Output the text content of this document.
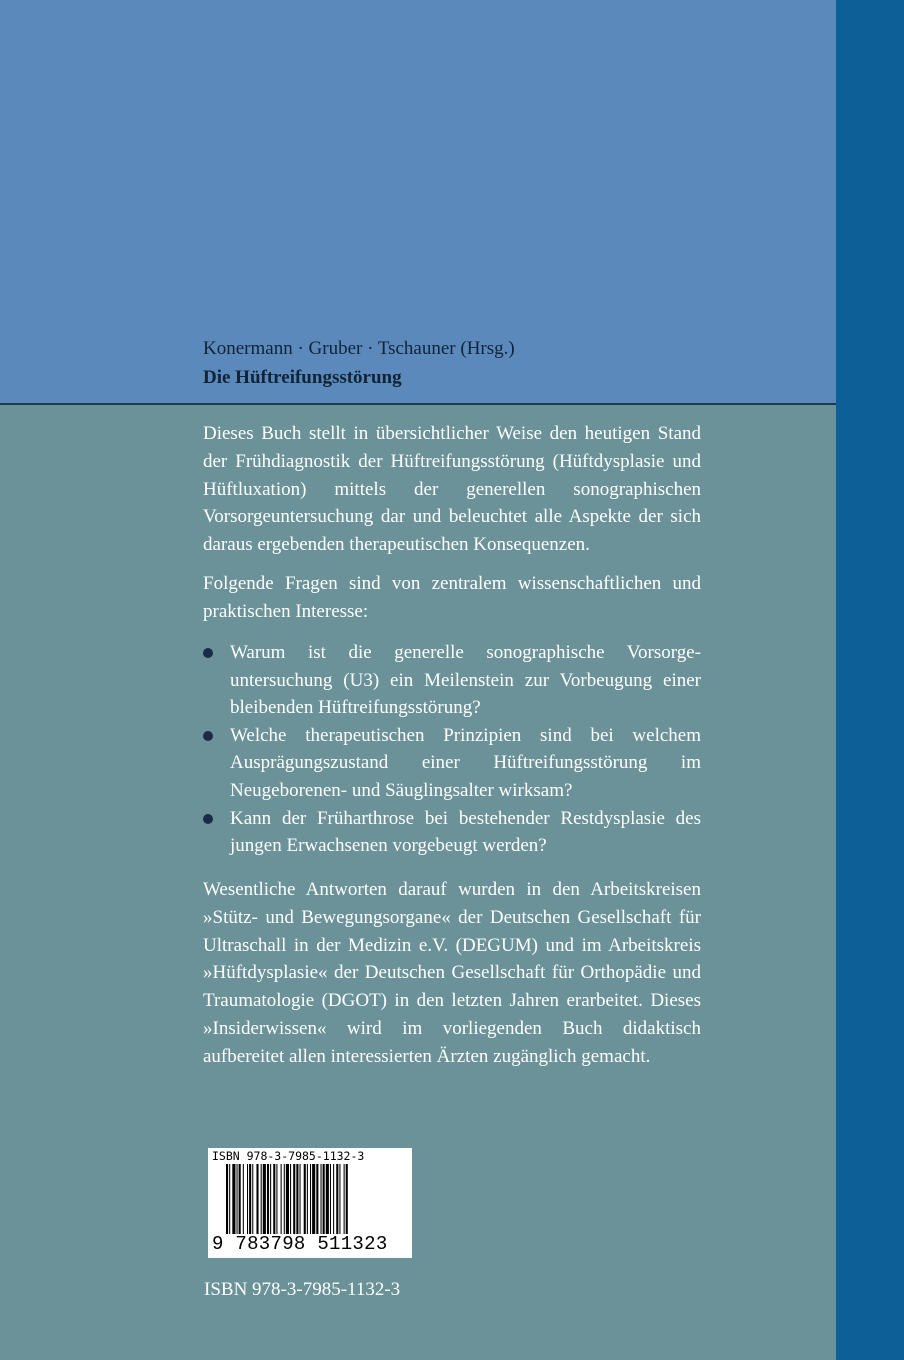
Konermann · Gruber · Tschauner (Hrsg.)
Die Hüftreifungsstörung
Dieses Buch stellt in übersichtlicher Weise den heutigen Stand der Frühdiagnostik der Hüftreifungsstörung (Hüftdysplasie und Hüftluxation) mittels der generellen sonographischen Vorsorgeuntersuchung dar und beleuchtet alle Aspekte der sich daraus ergebenden therapeutischen Konsequenzen.
Folgende Fragen sind von zentralem wissenschaftlichen und praktischen Interesse:
Warum ist die generelle sonographische Vorsorgeuntersuchung (U3) ein Meilenstein zur Vorbeugung einer bleibenden Hüftreifungsstörung?
Welche therapeutischen Prinzipien sind bei welchem Ausprägungszustand einer Hüftreifungsstörung im Neugeborenen- und Säuglingsalter wirksam?
Kann der Früharthrose bei bestehender Restdysplasie des jungen Erwachsenen vorgebeugt werden?
Wesentliche Antworten darauf wurden in den Arbeitskreisen »Stütz- und Bewegungsorgane« der Deutschen Gesellschaft für Ultraschall in der Medizin e.V. (DEGUM) und im Arbeitskreis »Hüftdysplasie« der Deutschen Gesellschaft für Orthopädie und Traumatologie (DGOT) in den letzten Jahren erarbeitet. Dieses »Insiderwissen« wird im vorliegenden Buch didaktisch aufbereitet allen interessierten Ärzten zugänglich gemacht.
ISBN 978-3-7985-1132-3
9 783798 511323
ISBN 978-3-7985-1132-3
